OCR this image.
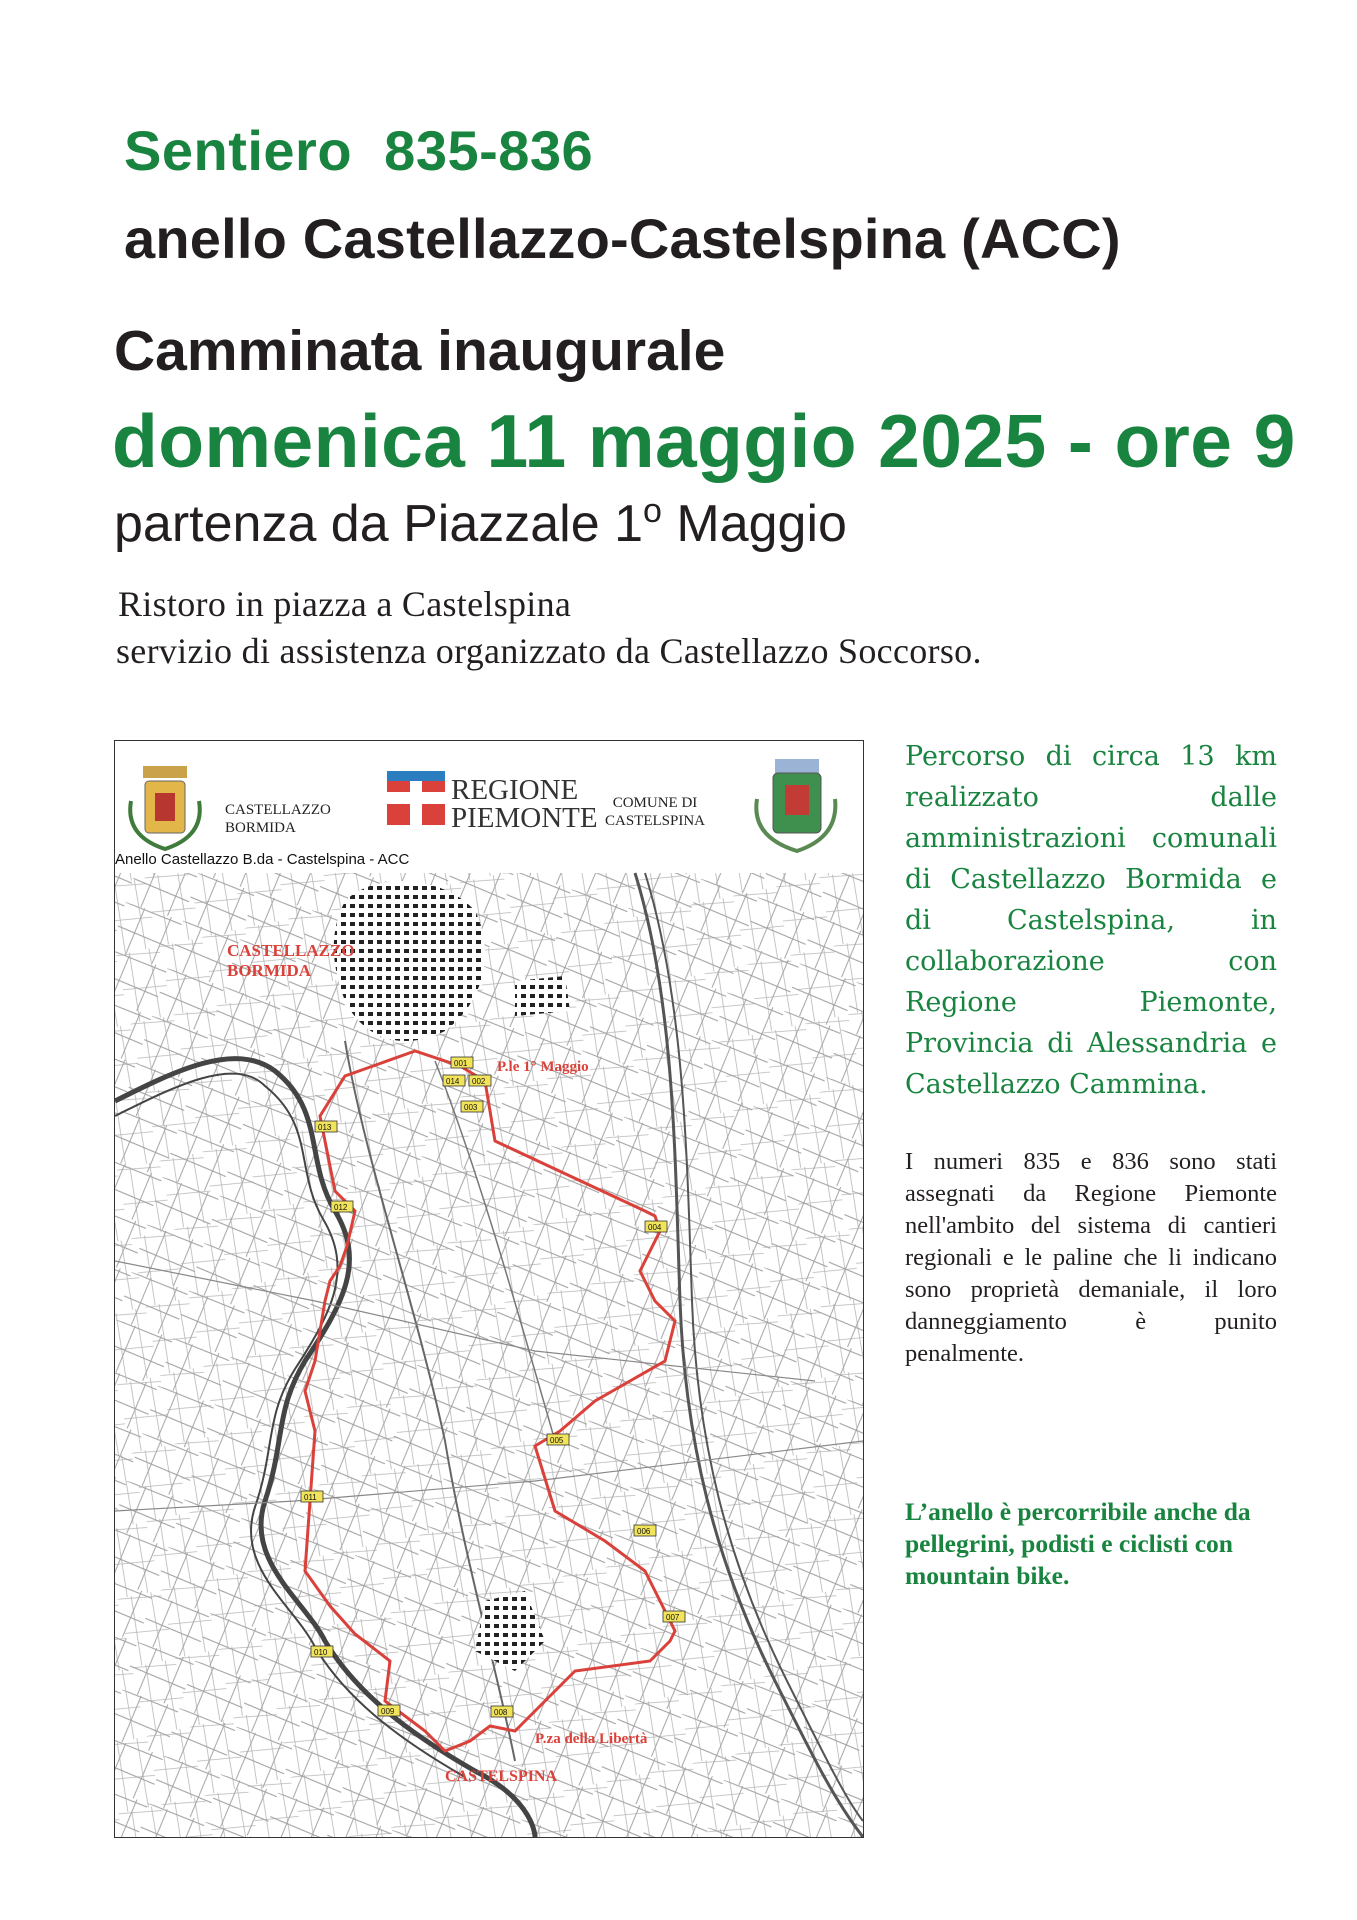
Sentiero  835-836
anello Castellazzo-Castelspina (ACC)
Camminata inaugurale
domenica 11 maggio 2025 - ore 9
partenza da Piazzale 1$^o$ Maggio
Ristoro in piazza a Castelspina
servizio di assistenza organizzato da Castellazzo Soccorso.
CASTELLAZZO
BORMIDA
REGIONE
PIEMONTE COMUNE DI
CASTELSPINA
Anello Castellazzo B.da - Castelspina - ACC
001
002
003
004
005
006
007
008
009
010
011
012
013
014
CASTELLAZZO
BORMIDA
P.le 1° Maggio
P.za della Libertà
CASTELSPINA
Percorso di circa 13 km realizzato dalle amministrazioni comunali di Castellazzo Bormida e di Castelspina, in collaborazione con Regione Piemonte, Provincia di Alessandria e Castellazzo Cammina.
I numeri 835 e 836 sono stati assegnati da Regione Piemonte nell'ambito del sistema di cantieri regionali e le paline che li indicano sono proprietà demaniale, il loro danneggiamento è punito penalmente.
L’anello è percorribile anche da pellegrini, podisti e ciclisti con mountain bike.
